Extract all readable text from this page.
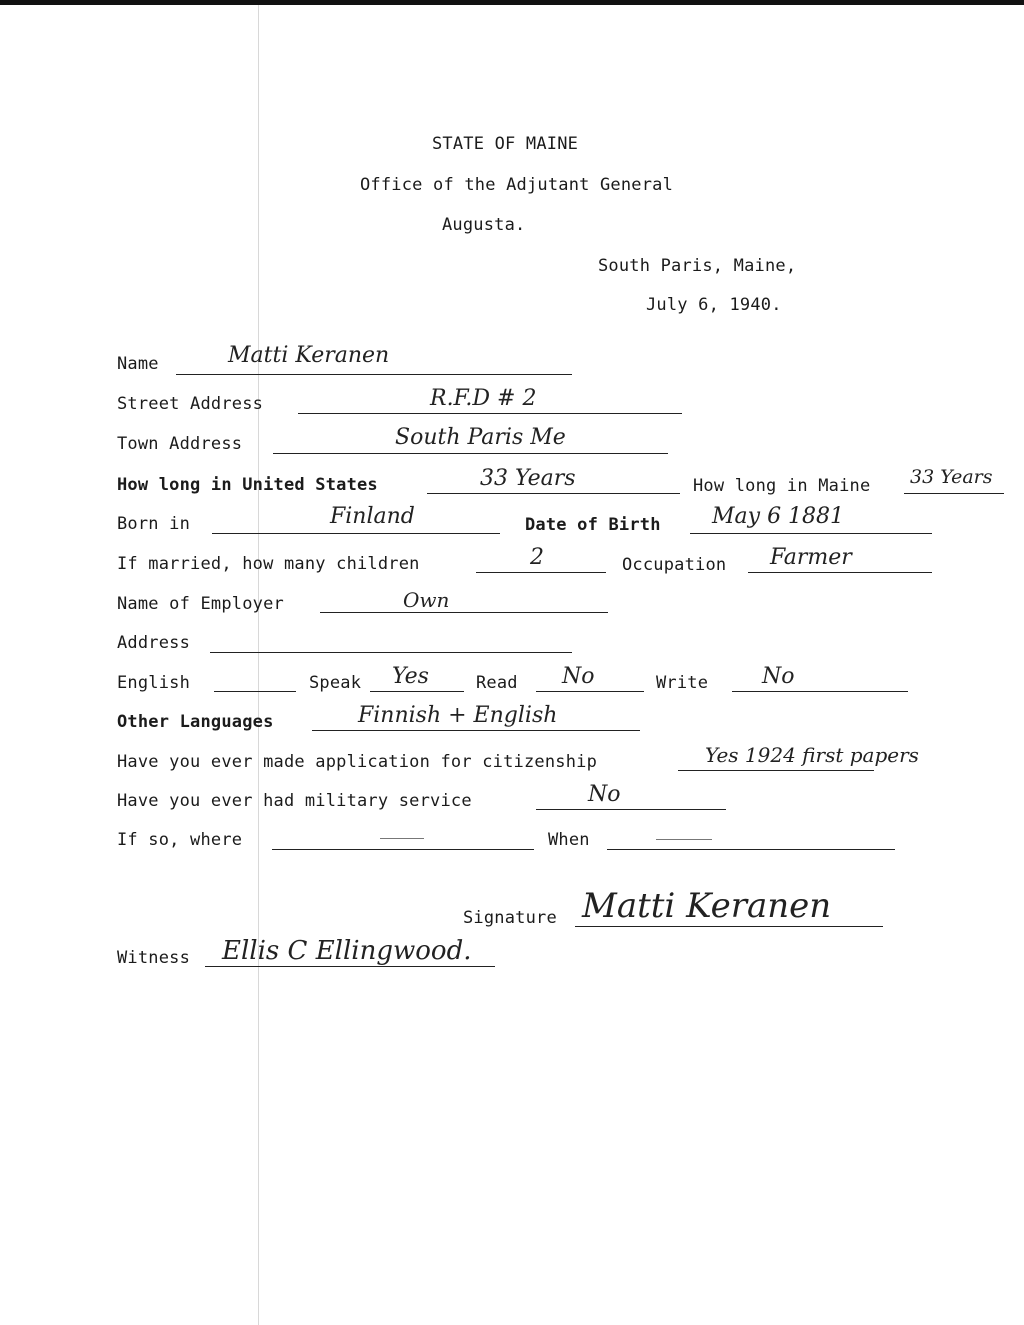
STATE OF MAINE
Office of the Adjutant General
Augusta.
South Paris, Maine,
July 6, 1940.
Name	Matti Keranen
Street Address	R.F.D # 2
Town Address	South Paris Me
How long in United States	33 Years	How long in Maine 33 Years
Born in	Finland	Date of Birth May 6 1881
If married, how many children	2	Occupation Farmer
Name of Employer	Own
Address
English	Speak Yes	Read No	Write No
Other Languages	Finnish + English
Have you ever made application for citizenship	Yes 1924 first papers
Have you ever had military service	No
If so, where	When
Signature Matti Keranen
Witness Ellis C Ellingwood.
